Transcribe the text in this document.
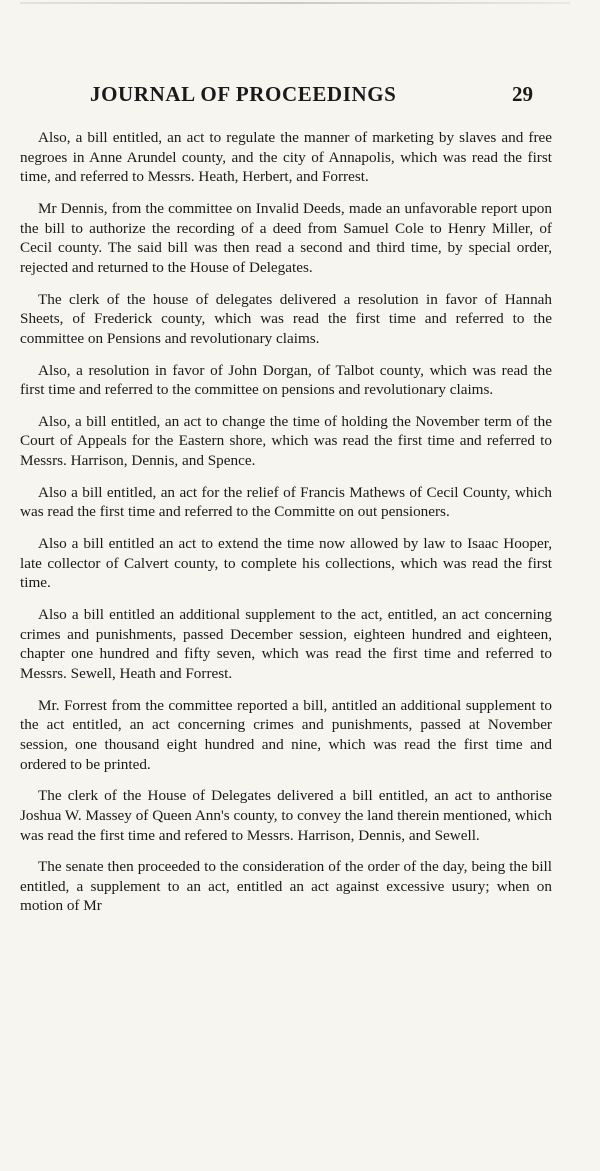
JOURNAL OF PROCEEDINGS	29

Also, a bill entitled, an act to regulate the manner of marketing by slaves and free negroes in Anne Arundel county, and the city of Annapolis, which was read the first time, and referred to Messrs. Heath, Herbert, and Forrest.

Mr Dennis, from the committee on Invalid Deeds, made an unfavorable report upon the bill to authorize the recording of a deed from Samuel Cole to Henry Miller, of Cecil county. The said bill was then read a second and third time, by special order, rejected and returned to the House of Delegates.

The clerk of the house of delegates delivered a resolution in favor of Hannah Sheets, of Frederick county, which was read the first time and referred to the committee on Pensions and revolutionary claims.

Also, a resolution in favor of John Dorgan, of Talbot county, which was read the first time and referred to the committee on pensions and revolutionary claims.

Also, a bill entitled, an act to change the time of holding the November term of the Court of Appeals for the Eastern shore, which was read the first time and referred to Messrs. Harrison, Dennis, and Spence.

Also a bill entitled, an act for the relief of Francis Mathews of Cecil County, which was read the first time and referred to the Committe on out pensioners.

Also a bill entitled an act to extend the time now allowed by law to Isaac Hooper, late collector of Calvert county, to complete his collections, which was read the first time.

Also a bill entitled an additional supplement to the act, entitled, an act concerning crimes and punishments, passed December session, eighteen hundred and eighteen, chapter one hundred and fifty seven, which was read the first time and referred to Messrs. Sewell, Heath and Forrest.

Mr. Forrest from the committee reported a bill, antitled an additional supplement to the act entitled, an act concerning crimes and punishments, passed at November session, one thousand eight hundred and nine, which was read the first time and ordered to be printed.

The clerk of the House of Delegates delivered a bill entitled, an act to anthorise Joshua W. Massey of Queen Ann's county, to convey the land therein mentioned, which was read the first time and refered to Messrs. Harrison, Dennis, and Sewell.

The senate then proceeded to the consideration of the order of the day, being the bill entitled, a supplement to an act, entitled an act against excessive usury; when on motion of Mr
